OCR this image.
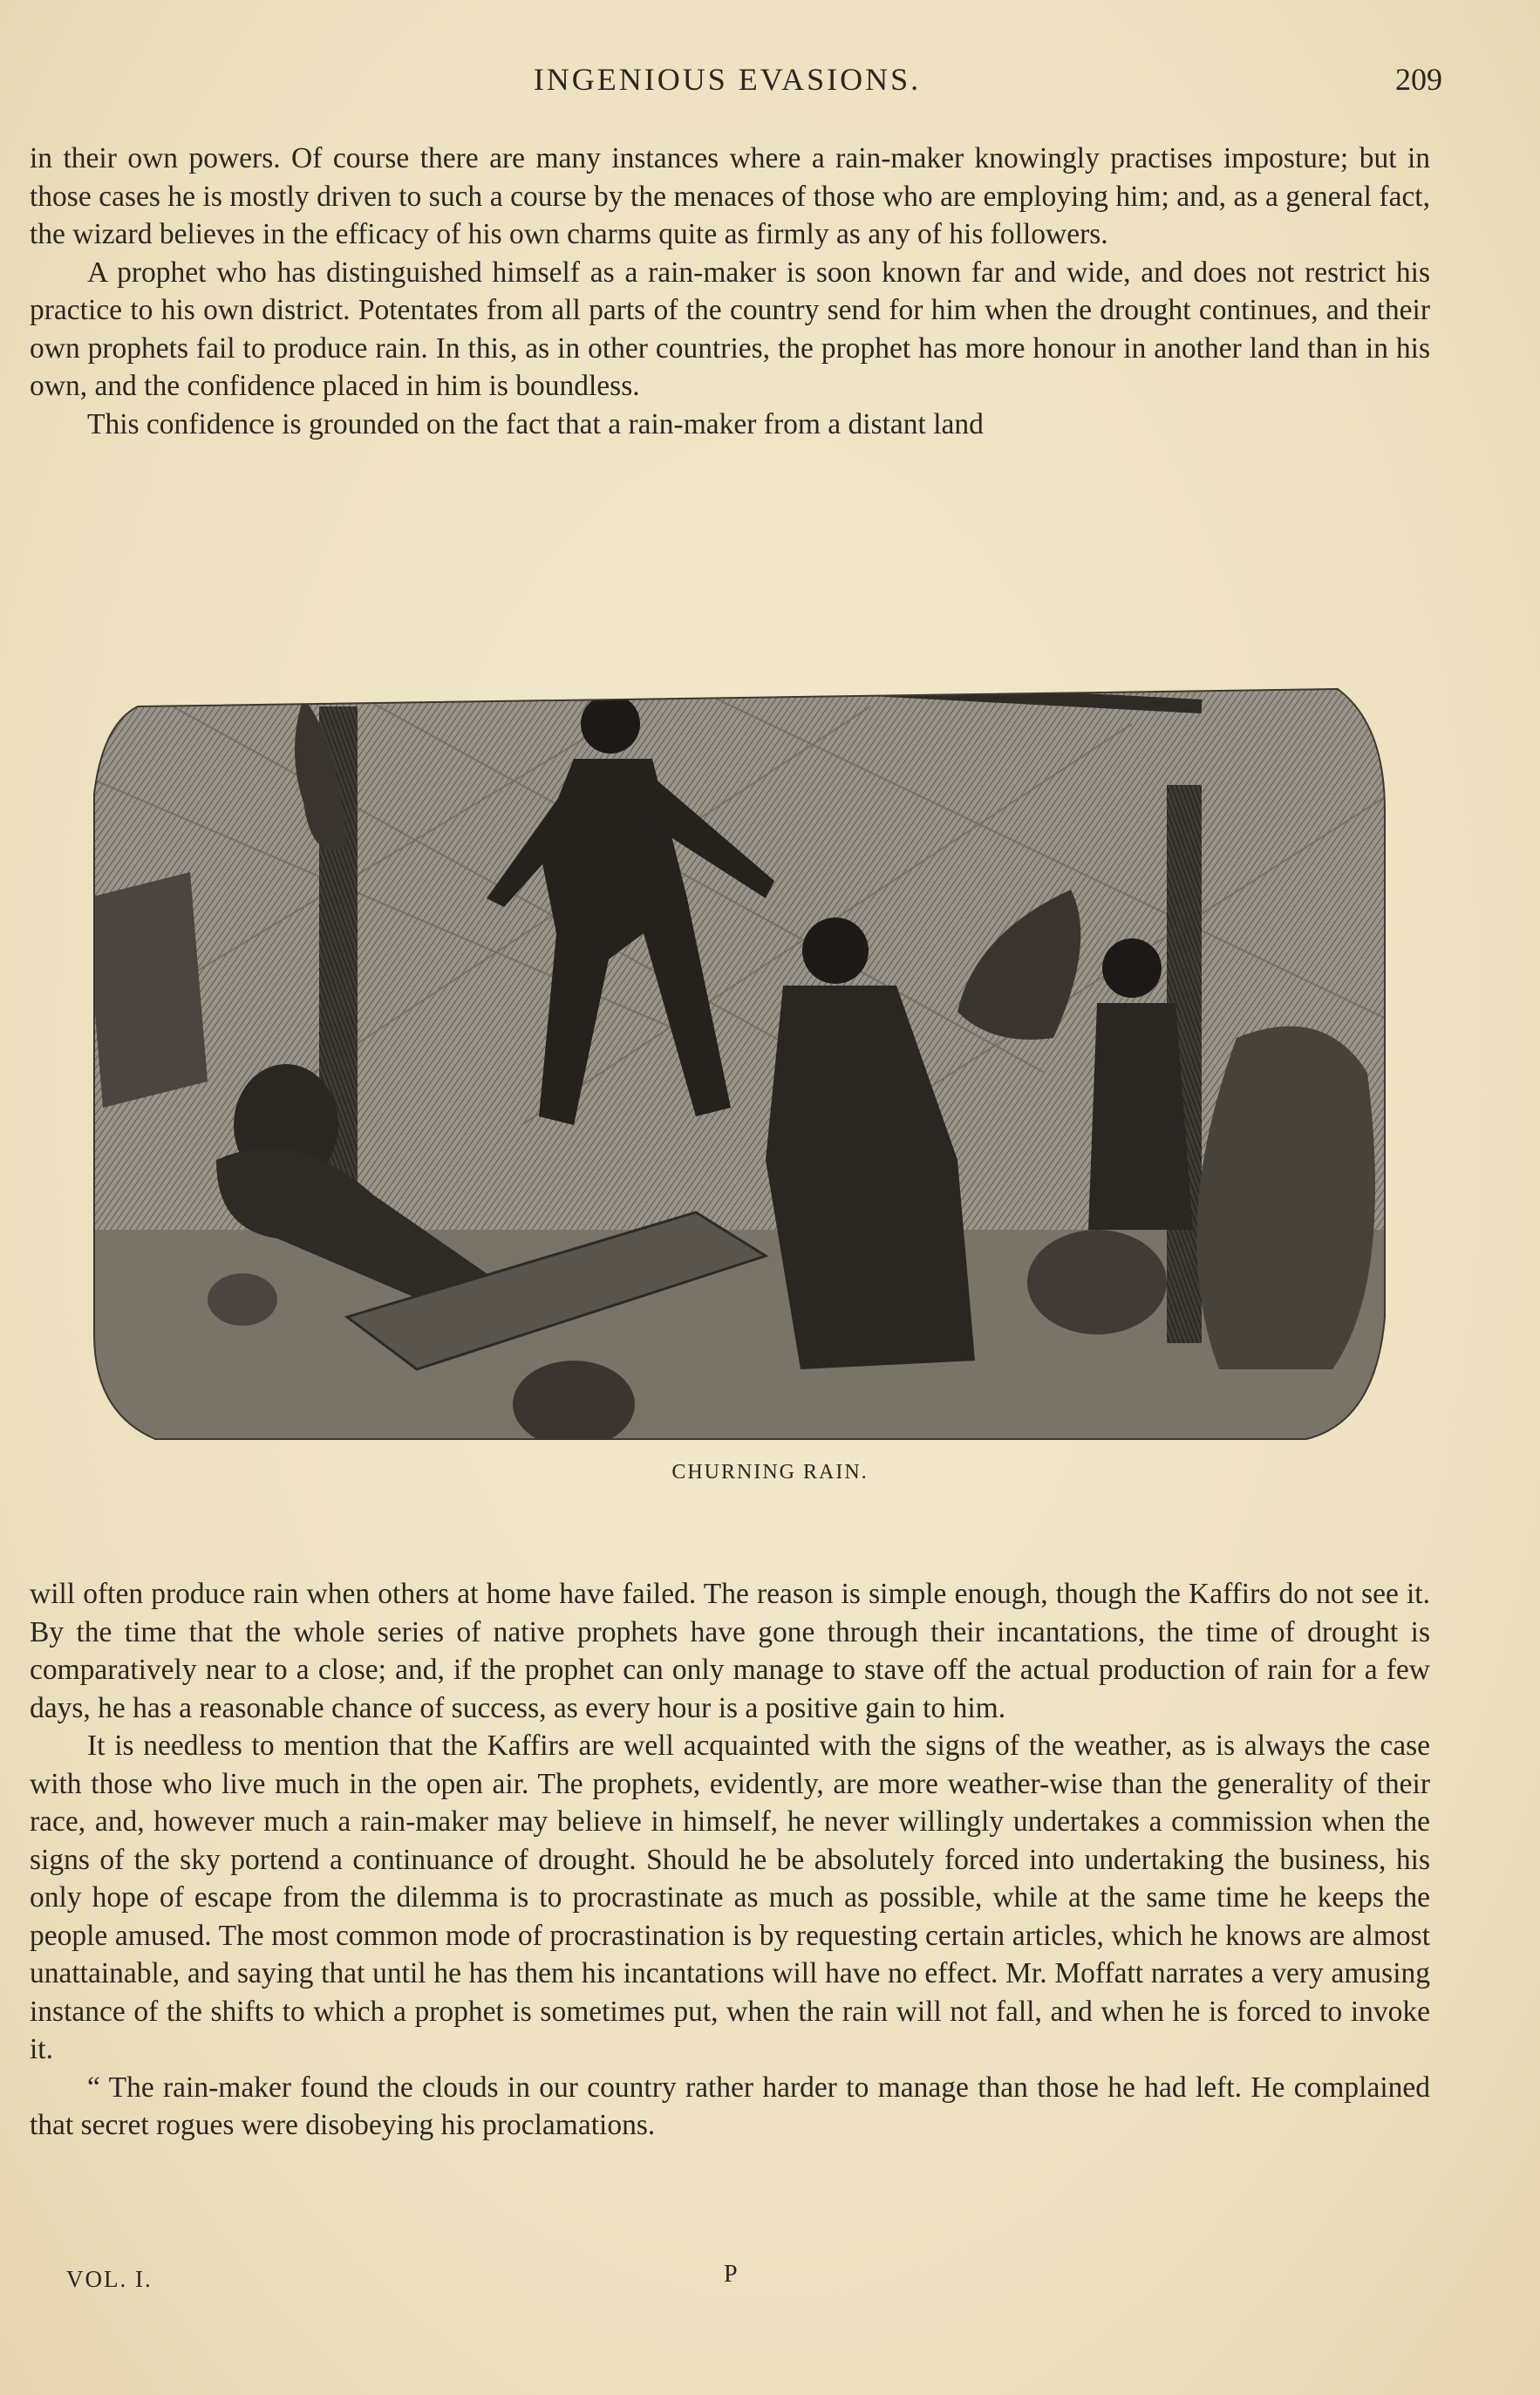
INGENIOUS EVASIONS.	209

in their own powers. Of course there are many instances where a rain-maker knowingly practises imposture; but in those cases he is mostly driven to such a course by the menaces of those who are employing him; and, as a general fact, the wizard believes in the efficacy of his own charms quite as firmly as any of his followers.

A prophet who has distinguished himself as a rain-maker is soon known far and wide, and does not restrict his practice to his own district. Potentates from all parts of the country send for him when the drought continues, and their own prophets fail to produce rain. In this, as in other countries, the prophet has more honour in another land than in his own, and the confidence placed in him is boundless.

This confidence is grounded on the fact that a rain-maker from a distant land

CHURNING RAIN.

will often produce rain when others at home have failed. The reason is simple enough, though the Kaffirs do not see it. By the time that the whole series of native prophets have gone through their incantations, the time of drought is comparatively near to a close; and, if the prophet can only manage to stave off the actual production of rain for a few days, he has a reasonable chance of success, as every hour is a positive gain to him.

It is needless to mention that the Kaffirs are well acquainted with the signs of the weather, as is always the case with those who live much in the open air. The prophets, evidently, are more weather-wise than the generality of their race, and, however much a rain-maker may believe in himself, he never willingly undertakes a commission when the signs of the sky portend a continuance of drought. Should he be absolutely forced into undertaking the business, his only hope of escape from the dilemma is to procrastinate as much as possible, while at the same time he keeps the people amused. The most common mode of procrastination is by requesting certain articles, which he knows are almost unattainable, and saying that until he has them his incantations will have no effect. Mr. Moffatt narrates a very amusing instance of the shifts to which a prophet is sometimes put, when the rain will not fall, and when he is forced to invoke it.

“ The rain-maker found the clouds in our country rather harder to manage than those he had left. He complained that secret rogues were disobeying his proclamations.

VOL. I.	P
